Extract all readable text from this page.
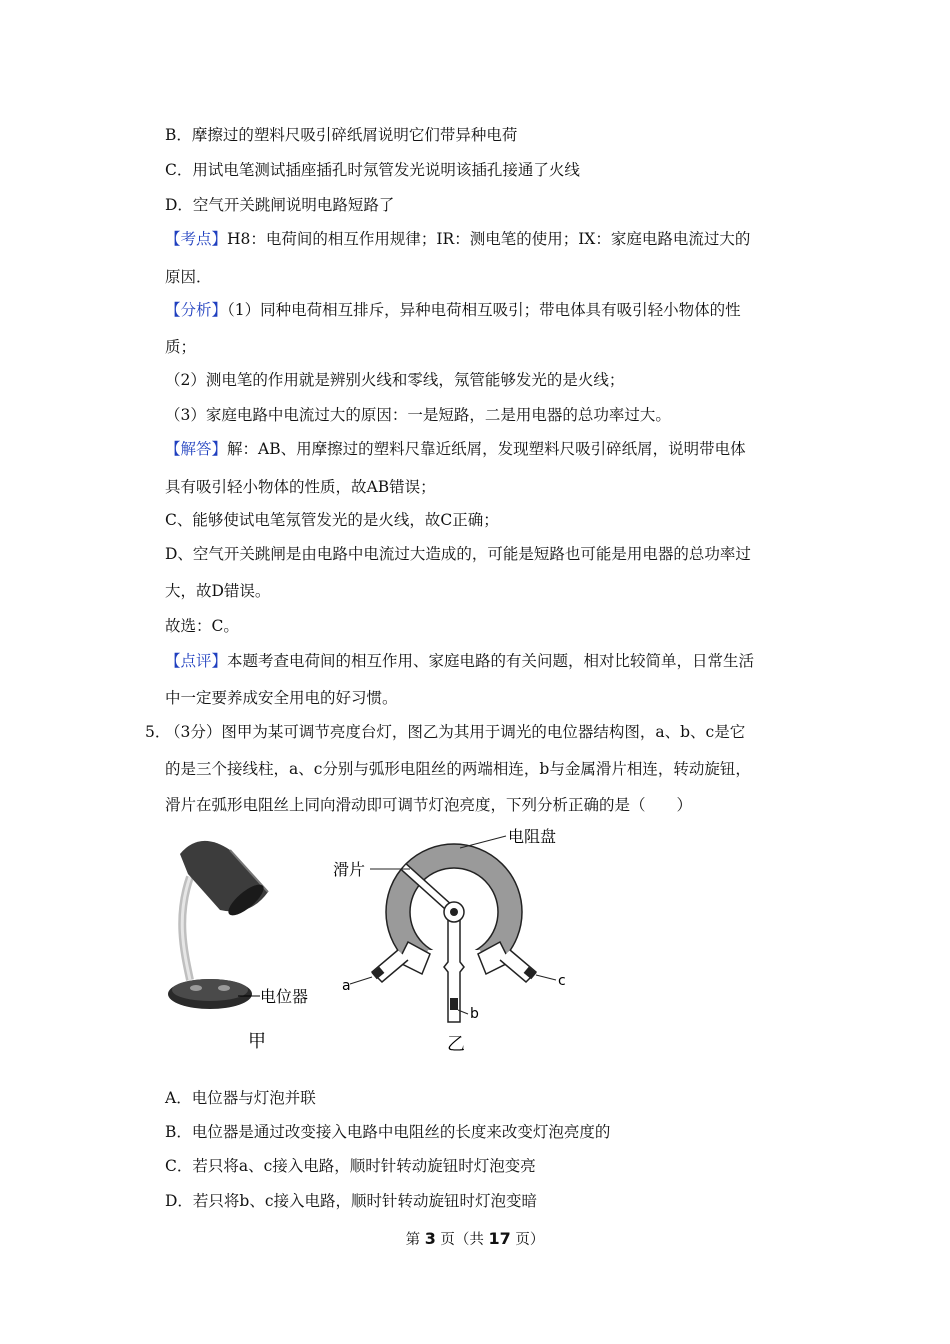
B．摩擦过的塑料尺吸引碎纸屑说明它们带异种电荷
C．用试电笔测试插座插孔时氖管发光说明该插孔接通了火线
D．空气开关跳闸说明电路短路了
【考点】H8：电荷间的相互作用规律；IR：测电笔的使用；IX：家庭电路电流过大的
原因．
【分析】（1）同种电荷相互排斥，异种电荷相互吸引；带电体具有吸引轻小物体的性
质；
（2）测电笔的作用就是辨别火线和零线，氖管能够发光的是火线；
（3）家庭电路中电流过大的原因：一是短路，二是用电器的总功率过大。
【解答】解：AB、用摩擦过的塑料尺靠近纸屑，发现塑料尺吸引碎纸屑，说明带电体
具有吸引轻小物体的性质，故AB错误；
C、能够使试电笔氖管发光的是火线，故C正确；
D、空气开关跳闸是由电路中电流过大造成的，可能是短路也可能是用电器的总功率过
大，故D错误。
故选：C。
【点评】本题考查电荷间的相互作用、家庭电路的有关问题，相对比较简单，日常生活
中一定要养成安全用电的好习惯。
5．
（3分）图甲为某可调节亮度台灯，图乙为其用于调光的电位器结构图，a、b、c是它
的是三个接线柱，a、c分别与弧形电阻丝的两端相连，b与金属滑片相连，转动旋钮，
滑片在弧形电阻丝上同向滑动即可调节灯泡亮度，下列分析正确的是（　　）
电位器
甲
滑片
电阻盘
a
b
c
乙
A．电位器与灯泡并联
B．电位器是通过改变接入电路中电阻丝的长度来改变灯泡亮度的
C．若只将a、c接入电路，顺时针转动旋钮时灯泡变亮
D．若只将b、c接入电路，顺时针转动旋钮时灯泡变暗
第 3 页（共 17 页）
